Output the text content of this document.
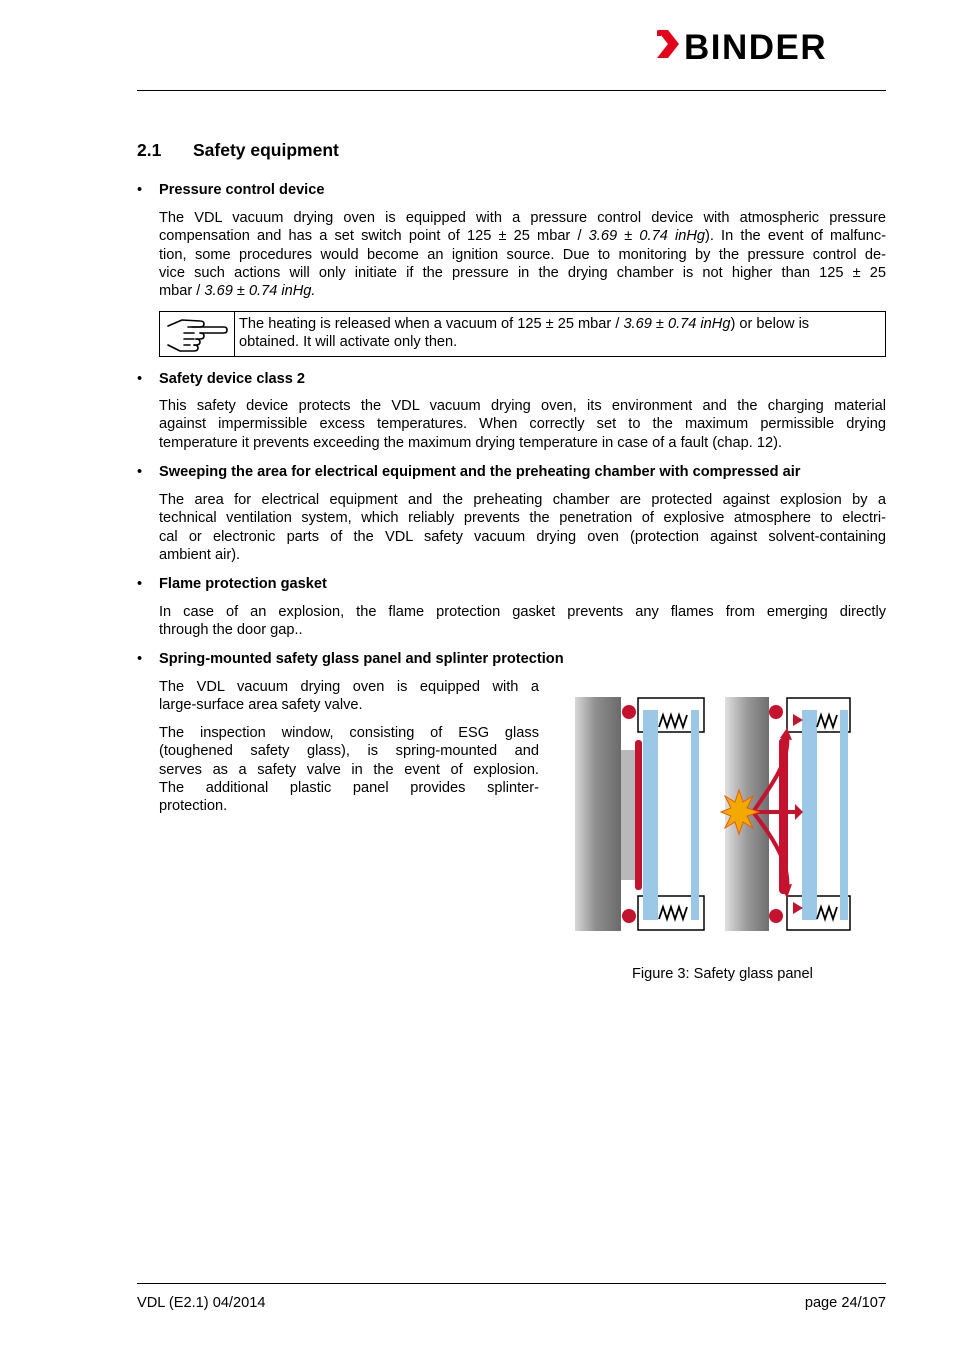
BINDER
2.1 Safety equipment
• Pressure control device

The VDL vacuum drying oven is equipped with a pressure control device with atmospheric pressure
compensation and has a set switch point of 125 ± 25 mbar / 3.69 ± 0.74 inHg). In the event of malfunc-
tion, some procedures would become an ignition source. Due to monitoring by the pressure control de-
vice such actions will only initiate if the pressure in the drying chamber is not higher than 125 ± 25
mbar / 3.69 ± 0.74 inHg.

The heating is released when a vacuum of 125 ± 25 mbar / 3.69 ± 0.74 inHg) or below is
obtained. It will activate only then.
• Safety device class 2

This safety device protects the VDL vacuum drying oven, its environment and the charging material
against impermissible excess temperatures. When correctly set to the maximum permissible drying
temperature it prevents exceeding the maximum drying temperature in case of a fault (chap. 12).

• Sweeping the area for electrical equipment and the preheating chamber with compressed air

The area for electrical equipment and the preheating chamber are protected against explosion by a
technical ventilation system, which reliably prevents the penetration of explosive atmosphere to electri-
cal or electronic parts of the VDL safety vacuum drying oven (protection against solvent-containing
ambient air).

• Flame protection gasket

In case of an explosion, the flame protection gasket prevents any flames from emerging directly
through the door gap..

• Spring-mounted safety glass panel and splinter protection

The VDL vacuum drying oven is equipped with a
large-surface area safety valve.

The inspection window, consisting of ESG glass
(toughened safety glass), is spring-mounted and
serves as a safety valve in the event of explosion.
The additional plastic panel provides splinter-
protection.

Figure 3: Safety glass panel
VDL (E2.1) 04/2014	page 24/107
